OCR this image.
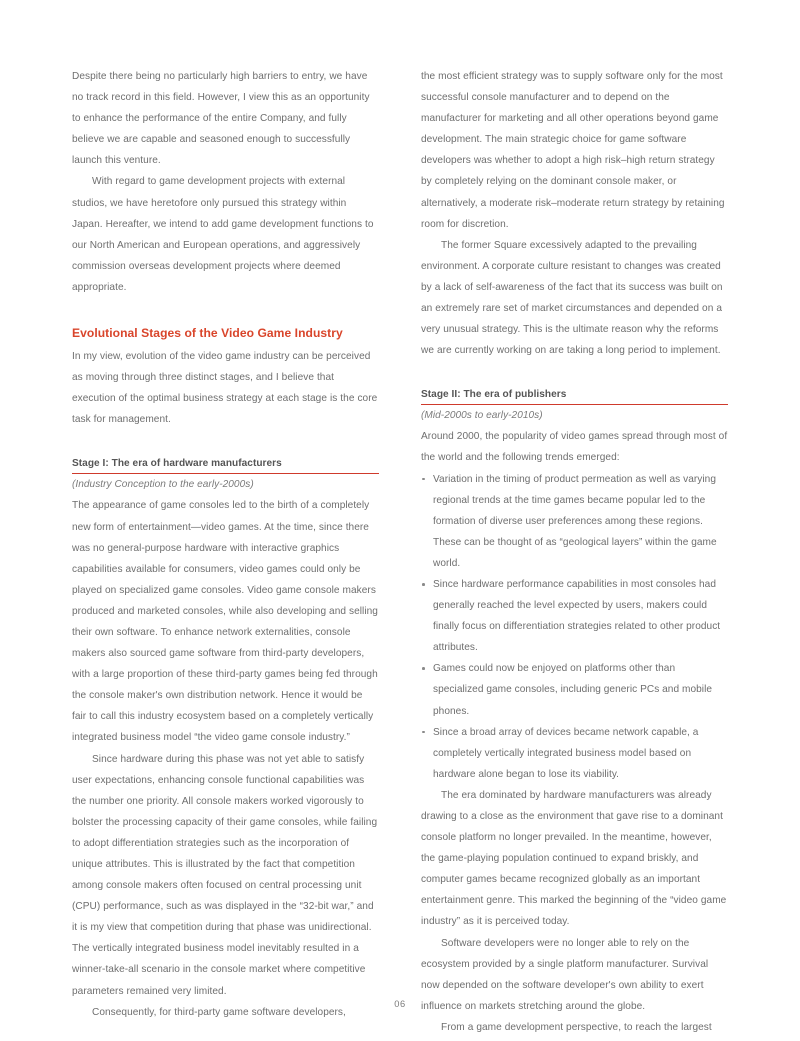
Despite there being no particularly high barriers to entry, we have no track record in this field. However, I view this as an opportunity to enhance the performance of the entire Company, and fully believe we are capable and seasoned enough to successfully launch this venture.

With regard to game development projects with external studios, we have heretofore only pursued this strategy within Japan. Hereafter, we intend to add game development functions to our North American and European operations, and aggressively commission overseas development projects where deemed appropriate.

Evolutional Stages of the Video Game Industry

In my view, evolution of the video game industry can be perceived as moving through three distinct stages, and I believe that execution of the optimal business strategy at each stage is the core task for management.

Stage I: The era of hardware manufacturers

(Industry Conception to the early-2000s)

The appearance of game consoles led to the birth of a completely new form of entertainment—video games. At the time, since there was no general-purpose hardware with interactive graphics capabilities available for consumers, video games could only be played on specialized game consoles. Video game console makers produced and marketed consoles, while also developing and selling their own software. To enhance network externalities, console makers also sourced game software from third-party developers, with a large proportion of these third-party games being fed through the console maker's own distribution network. Hence it would be fair to call this industry ecosystem based on a completely vertically integrated business model “the video game console industry.”

Since hardware during this phase was not yet able to satisfy user expectations, enhancing console functional capabilities was the number one priority. All console makers worked vigorously to bolster the processing capacity of their game consoles, while failing to adopt differentiation strategies such as the incorporation of unique attributes. This is illustrated by the fact that competition among console makers often focused on central processing unit (CPU) performance, such as was displayed in the “32-bit war,” and it is my view that competition during that phase was unidirectional. The vertically integrated business model inevitably resulted in a winner-take-all scenario in the console market where competitive parameters remained very limited.

Consequently, for third-party game software developers,

the most efficient strategy was to supply software only for the most successful console manufacturer and to depend on the manufacturer for marketing and all other operations beyond game development. The main strategic choice for game software developers was whether to adopt a high risk–high return strategy by completely relying on the dominant console maker, or alternatively, a moderate risk–moderate return strategy by retaining room for discretion.

The former Square excessively adapted to the prevailing environment. A corporate culture resistant to changes was created by a lack of self-awareness of the fact that its success was built on an extremely rare set of market circumstances and depended on a very unusual strategy. This is the ultimate reason why the reforms we are currently working on are taking a long period to implement.

Stage II: The era of publishers

(Mid-2000s to early-2010s)

Around 2000, the popularity of video games spread through most of the world and the following trends emerged:

Variation in the timing of product permeation as well as varying regional trends at the time games became popular led to the formation of diverse user preferences among these regions. These can be thought of as “geological layers” within the game world.
Since hardware performance capabilities in most consoles had generally reached the level expected by users, makers could finally focus on differentiation strategies related to other product attributes.
Games could now be enjoyed on platforms other than specialized game consoles, including generic PCs and mobile phones.
Since a broad array of devices became network capable, a completely vertically integrated business model based on hardware alone began to lose its viability.

The era dominated by hardware manufacturers was already drawing to a close as the environment that gave rise to a dominant console platform no longer prevailed. In the meantime, however, the game-playing population continued to expand briskly, and computer games became recognized globally as an important entertainment genre. This marked the beginning of the “video game industry” as it is perceived today.

Software developers were no longer able to rely on the ecosystem provided by a single platform manufacturer. Survival now depended on the software developer's own ability to exert influence on markets stretching around the globe.

From a game development perspective, to reach the largest

06
